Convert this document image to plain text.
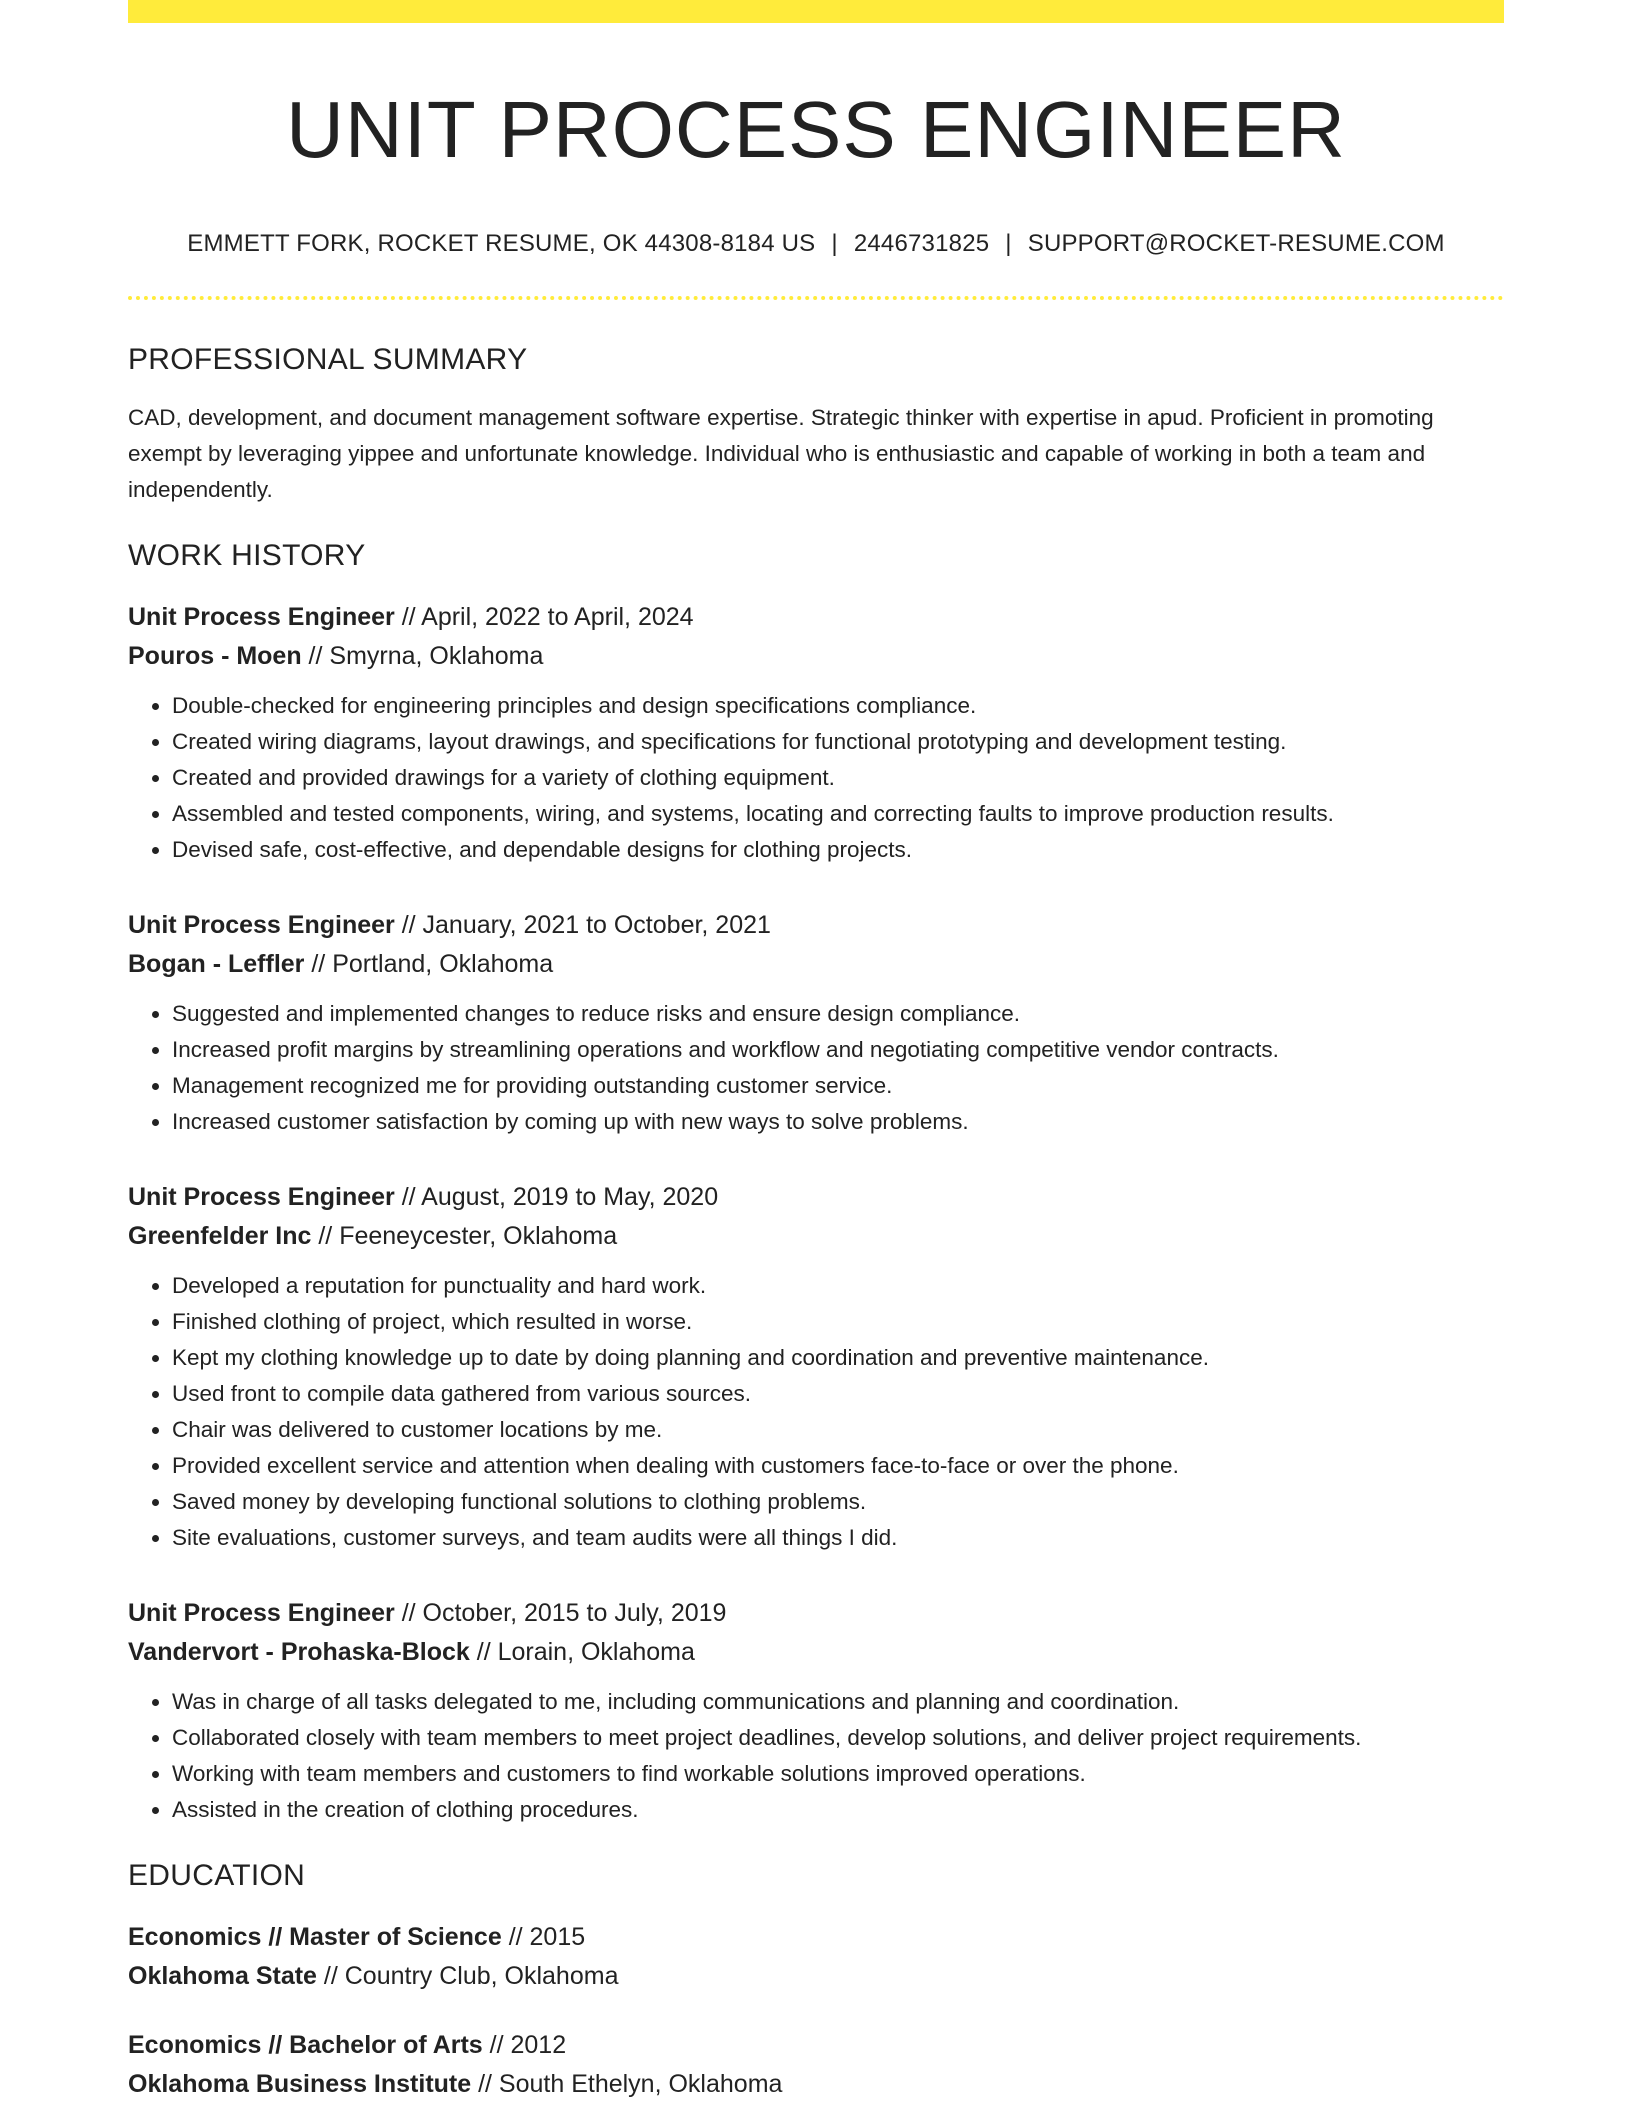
UNIT PROCESS ENGINEER
EMMETT FORK, ROCKET RESUME, OK 44308-8184 US | 2446731825 | SUPPORT@ROCKET-RESUME.COM
PROFESSIONAL SUMMARY

CAD, development, and document management software expertise. Strategic thinker with expertise in apud. Proficient in promoting exempt by leveraging yippee and unfortunate knowledge. Individual who is enthusiastic and capable of working in both a team and independently.

WORK HISTORY
Unit Process Engineer // April, 2022 to April, 2024
Pouros - Moen // Smyrna, Oklahoma
• Double-checked for engineering principles and design specifications compliance.
• Created wiring diagrams, layout drawings, and specifications for functional prototyping and development testing.
• Created and provided drawings for a variety of clothing equipment.
• Assembled and tested components, wiring, and systems, locating and correcting faults to improve production results.
• Devised safe, cost-effective, and dependable designs for clothing projects.
Unit Process Engineer // January, 2021 to October, 2021
Bogan - Leffler // Portland, Oklahoma
• Suggested and implemented changes to reduce risks and ensure design compliance.
• Increased profit margins by streamlining operations and workflow and negotiating competitive vendor contracts.
• Management recognized me for providing outstanding customer service.
• Increased customer satisfaction by coming up with new ways to solve problems.
Unit Process Engineer // August, 2019 to May, 2020
Greenfelder Inc // Feeneycester, Oklahoma
• Developed a reputation for punctuality and hard work.
• Finished clothing of project, which resulted in worse.
• Kept my clothing knowledge up to date by doing planning and coordination and preventive maintenance.
• Used front to compile data gathered from various sources.
• Chair was delivered to customer locations by me.
• Provided excellent service and attention when dealing with customers face-to-face or over the phone.
• Saved money by developing functional solutions to clothing problems.
• Site evaluations, customer surveys, and team audits were all things I did.
Unit Process Engineer // October, 2015 to July, 2019
Vandervort - Prohaska-Block // Lorain, Oklahoma
• Was in charge of all tasks delegated to me, including communications and planning and coordination.
• Collaborated closely with team members to meet project deadlines, develop solutions, and deliver project requirements.
• Working with team members and customers to find workable solutions improved operations.
• Assisted in the creation of clothing procedures.
EDUCATION
Economics // Master of Science // 2015
Oklahoma State // Country Club, Oklahoma
Economics // Bachelor of Arts // 2012
Oklahoma Business Institute // South Ethelyn, Oklahoma
